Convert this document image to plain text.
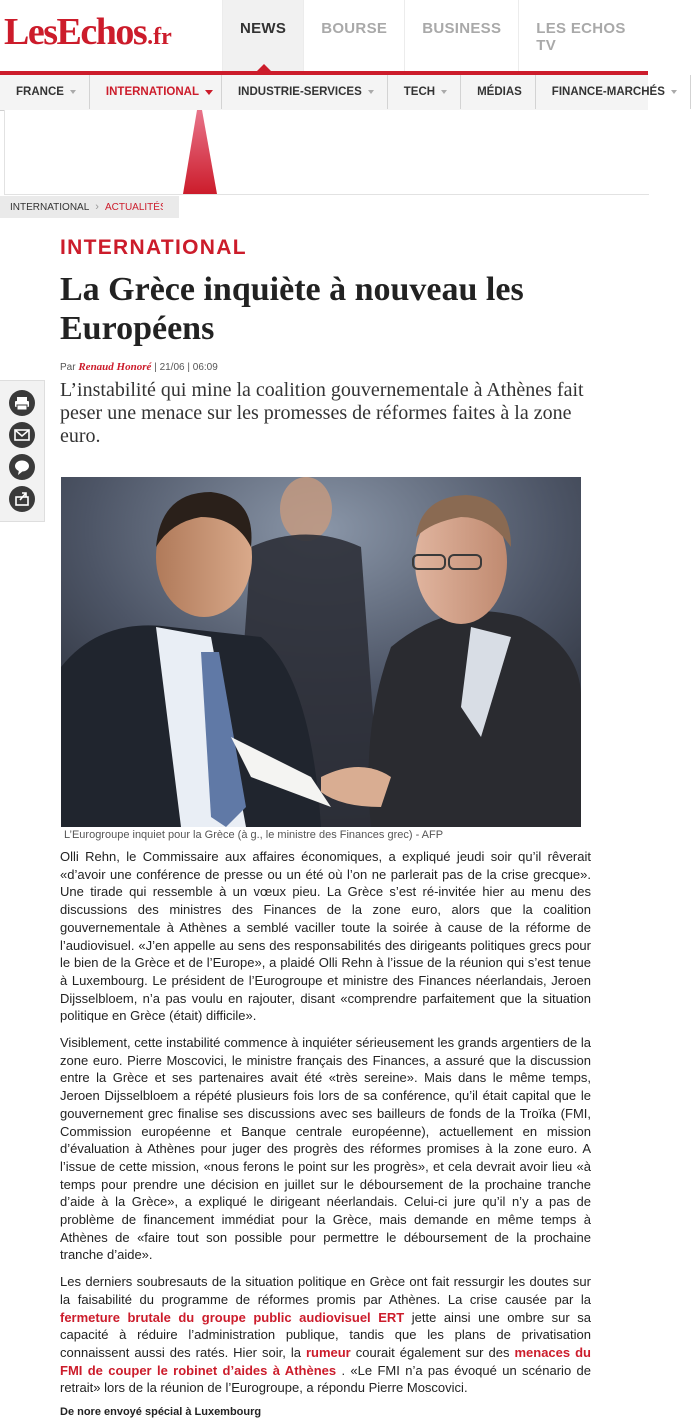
LesEchos .fr	NEWS	BOURSE	BUSINESS	LES ECHOS TV
FRANCE	INTERNATIONAL	INDUSTRIE-SERVICES	TECH	MÉDIAS	FINANCE-MARCHÉS
INTERNATIONAL › ACTUALITÉS
INTERNATIONAL
La Grèce inquiète à nouveau les Européens
Par Renaud Honoré | 21/06 | 06:09
L’instabilité qui mine la coalition gouvernementale à Athènes fait peser une menace sur les promesses de réformes faites à la zone euro.
L’Eurogroupe inquiet pour la Grèce (à g., le ministre des Finances grec) - AFP

Olli Rehn, le Commissaire aux affaires économiques, a expliqué jeudi soir qu’il rêverait «d’avoir une conférence de presse ou un été où l’on ne parlerait pas de la crise grecque». Une tirade qui ressemble à un vœux pieu. La Grèce s’est ré-invitée hier au menu des discussions des ministres des Finances de la zone euro, alors que la coalition gouvernementale à Athènes a semblé vaciller toute la soirée à cause de la réforme de l’audiovisuel. «J’en appelle au sens des responsabilités des dirigeants politiques grecs pour le bien de la Grèce et de l’Europe», a plaidé Olli Rehn à l’issue de la réunion qui s’est tenue à Luxembourg. Le président de l’Eurogroupe et ministre des Finances néerlandais, Jeroen Dijsselbloem, n’a pas voulu en rajouter, disant «comprendre parfaitement que la situation politique en Grèce (était) difficile».

Visiblement, cette instabilité commence à inquiéter sérieusement les grands argentiers de la zone euro. Pierre Moscovici, le ministre français des Finances, a assuré que la discussion entre la Grèce et ses partenaires avait été «très sereine». Mais dans le même temps, Jeroen Dijsselbloem a répété plusieurs fois lors de sa conférence, qu’il était capital que le gouvernement grec finalise ses discussions avec ses bailleurs de fonds de la Troïka (FMI, Commission européenne et Banque centrale européenne), actuellement en mission d’évaluation à Athènes pour juger des progrès des réformes promises à la zone euro. A l’issue de cette mission, «nous ferons le point sur les progrès», et cela devrait avoir lieu «à temps pour prendre une décision en juillet sur le déboursement de la prochaine tranche d’aide à la Grèce», a expliqué le dirigeant néerlandais. Celui-ci jure qu’il n’y a pas de problème de financement immédiat pour la Grèce, mais demande en même temps à Athènes de «faire tout son possible pour permettre le déboursement de la prochaine tranche d’aide».

Les derniers soubresauts de la situation politique en Grèce ont fait ressurgir les doutes sur la faisabilité du programme de réformes promis par Athènes. La crise causée par la fermeture brutale du groupe public audiovisuel ERT jette ainsi une ombre sur sa capacité à réduire l’administration publique, tandis que les plans de privatisation connaissent aussi des ratés. Hier soir, la rumeur courait également sur des menaces du FMI de couper le robinet d’aides à Athènes . «Le FMI n’a pas évoqué un scénario de retrait» lors de la réunion de l’Eurogroupe, a répondu Pierre Moscovici.

De nore envoyé spécial à Luxembourg
